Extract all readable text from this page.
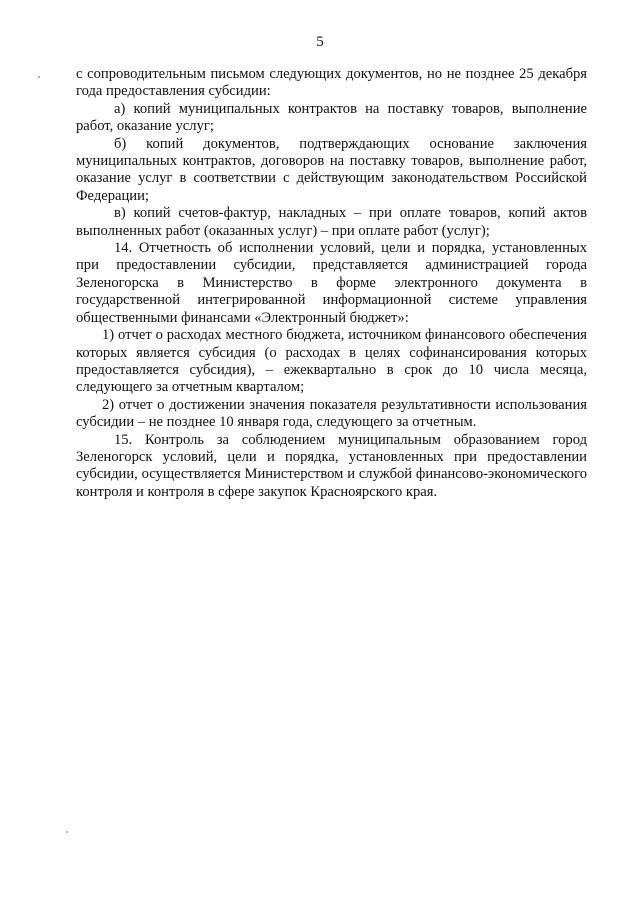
5

с сопроводительным письмом следующих документов, но не позднее 25 декабря года предоставления субсидии:

а) копий муниципальных контрактов на поставку товаров, выполнение работ, оказание услуг;

б) копий документов, подтверждающих основание заключения муниципальных контрактов, договоров на поставку товаров, выполнение работ, оказание услуг в соответствии с действующим законодательством Российской Федерации;

в) копий счетов-фактур, накладных – при оплате товаров, копий актов выполненных работ (оказанных услуг) – при оплате работ (услуг);

14. Отчетность об исполнении условий, цели и порядка, установленных при предоставлении субсидии, представляется администрацией города Зеленогорска в Министерство в форме электронного документа в государственной интегрированной информационной системе управления общественными финансами «Электронный бюджет»:

1) отчет о расходах местного бюджета, источником финансового обеспечения которых является субсидия (о расходах в целях софинансирования которых предоставляется субсидия), – ежеквартально в срок до 10 числа месяца, следующего за отчетным кварталом;

2) отчет о достижении значения показателя результативности использования субсидии – не позднее 10 января года, следующего за отчетным.

15. Контроль за соблюдением муниципальным образованием город Зеленогорск условий, цели и порядка, установленных при предоставлении субсидии, осуществляется Министерством и службой финансово-экономического контроля и контроля в сфере закупок Красноярского края.
